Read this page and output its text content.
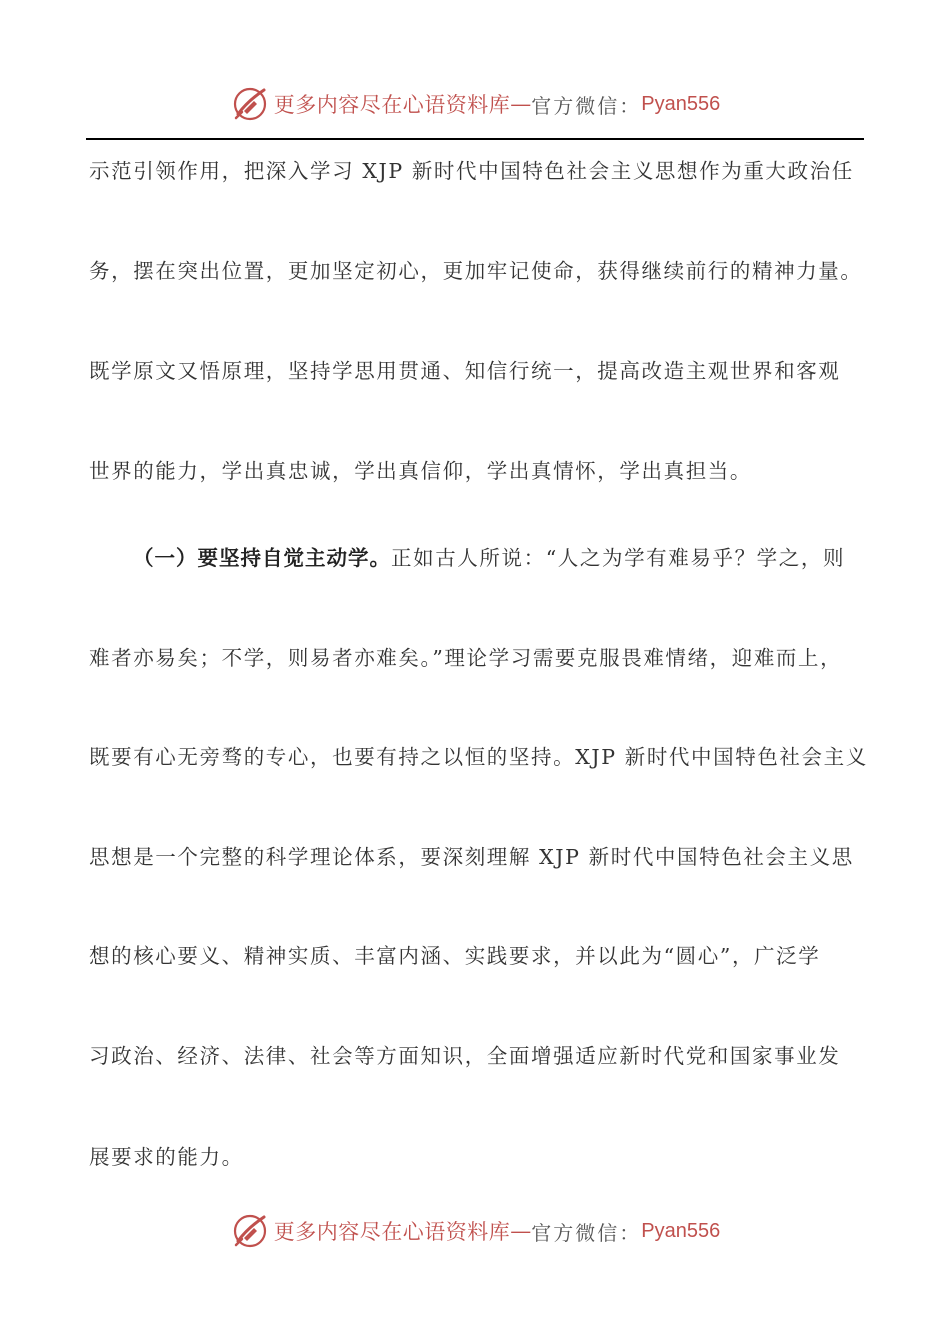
更多内容尽在心语资料库 — 官方微信： Pyan556
示范引领作用，把深入学习 XJP 新时代中国特色社会主义思想作为重大政治任
务，摆在突出位置，更加坚定初心，更加牢记使命，获得继续前行的精神力量。
既学原文又悟原理，坚持学思用贯通、知信行统一，提高改造主观世界和客观
世界的能力，学出真忠诚，学出真信仰，学出真情怀，学出真担当。
（一）要坚持自觉主动学。正如古人所说：“人之为学有难易乎？学之，则
难者亦易矣；不学，则易者亦难矣。”理论学习需要克服畏难情绪，迎难而上，
既要有心无旁骛的专心，也要有持之以恒的坚持。XJP 新时代中国特色社会主义
思想是一个完整的科学理论体系，要深刻理解 XJP 新时代中国特色社会主义思
想的核心要义、精神实质、丰富内涵、实践要求，并以此为“圆心”，广泛学
习政治、经济、法律、社会等方面知识，全面增强适应新时代党和国家事业发
展要求的能力。
更多内容尽在心语资料库 — 官方微信： Pyan556
